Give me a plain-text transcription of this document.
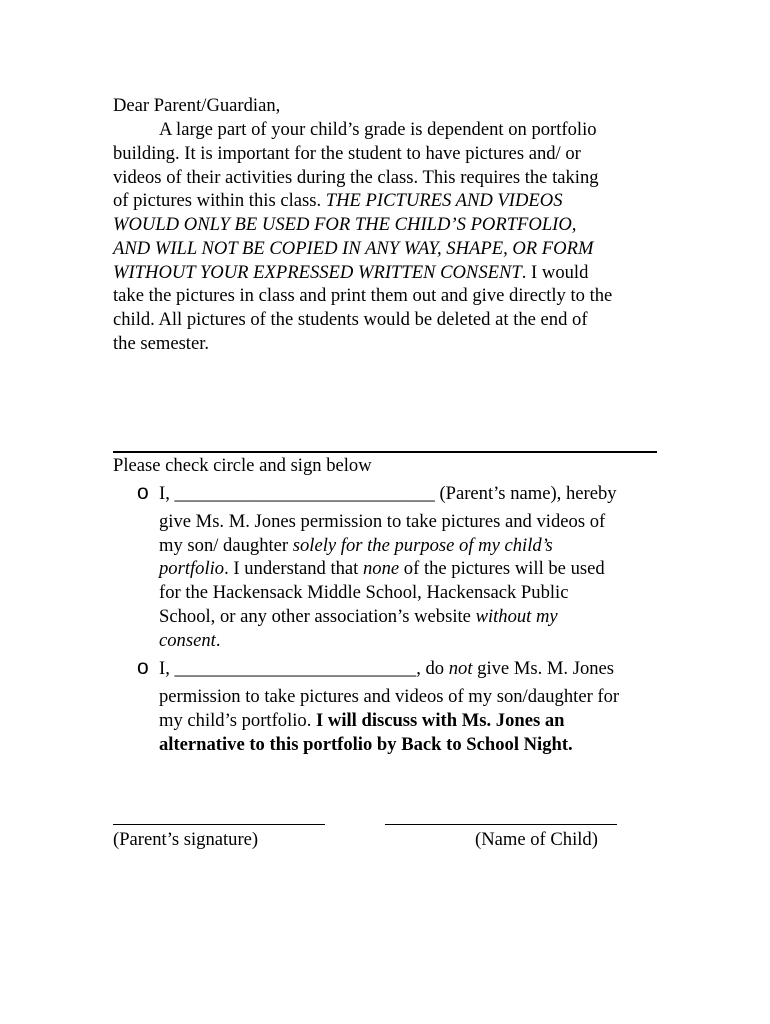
Dear Parent/Guardian,
A large part of your child’s grade is dependent on portfolio
building. It is important for the student to have pictures and/ or
videos of their activities during the class. This requires the taking
of pictures within this class. THE PICTURES AND VIDEOS
WOULD ONLY BE USED FOR THE CHILD’S PORTFOLIO,
AND WILL NOT BE COPIED IN ANY WAY, SHAPE, OR FORM
WITHOUT YOUR EXPRESSED WRITTEN CONSENT. I would
take the pictures in class and print them out and give directly to the
child. All pictures of the students would be deleted at the end of
the semester.
Please check circle and sign below
o I, ____________________________ (Parent’s name), hereby
give Ms. M. Jones permission to take pictures and videos of
my son/ daughter solely for the purpose of my child’s
portfolio. I understand that none of the pictures will be used
for the Hackensack Middle School, Hackensack Public
School, or any other association’s website without my
consent.
o I, __________________________, do not give Ms. M. Jones
permission to take pictures and videos of my son/daughter for
my child’s portfolio. I will discuss with Ms. Jones an
alternative to this portfolio by Back to School Night.
(Parent’s signature)	(Name of Child)
